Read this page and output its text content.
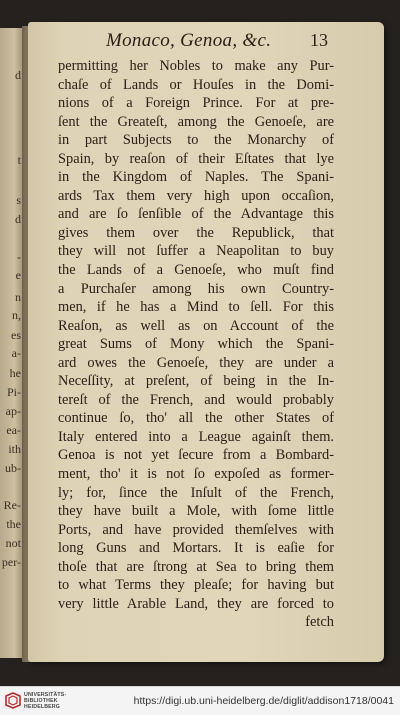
d
t
s
d
-
e
n
n,
es
a-
he
Pi-
ap-
ea-
ith
ub-
Re-
the
not
per-
Monaco, Genoa, &c. 13
permitting her Nobles to make any Pur-
chaſe of Lands or Houſes in the Domi-
nions of a Foreign Prince. For at pre-
ſent the Greateſt, among the Genoeſe, are
in part Subjects to the Monarchy of
Spain, by reaſon of their Eſtates that lye
in the Kingdom of Naples. The Spani-
ards Tax them very high upon occaſion,
and are ſo ſenſible of the Advantage this
gives them over the Republick, that
they will not ſuffer a Neapolitan to buy
the Lands of a Genoeſe, who muſt find
a Purchaſer among his own Country-
men, if he has a Mind to ſell. For this
Reaſon, as well as on Account of the
great Sums of Mony which the Spani-
ard owes the Genoeſe, they are under a
Neceſſity, at preſent, of being in the In-
tereſt of the French, and would probably
continue ſo, tho' all the other States of
Italy entered into a League againſt them.
Genoa is not yet ſecure from a Bombard-
ment, tho' it is not ſo expoſed as former-
ly; for, ſince the Inſult of the French,
they have built a Mole, with ſome little
Ports, and have provided themſelves with
long Guns and Mortars. It is eaſie for
thoſe that are ſtrong at Sea to bring them
to what Terms they pleaſe; for having but
very little Arable Land, they are forced to
fetch
UNIVERSITÄTS-
BIBLIOTHEK
HEIDELBERG	https://digi.ub.uni-heidelberg.de/diglit/addison1718/0041
